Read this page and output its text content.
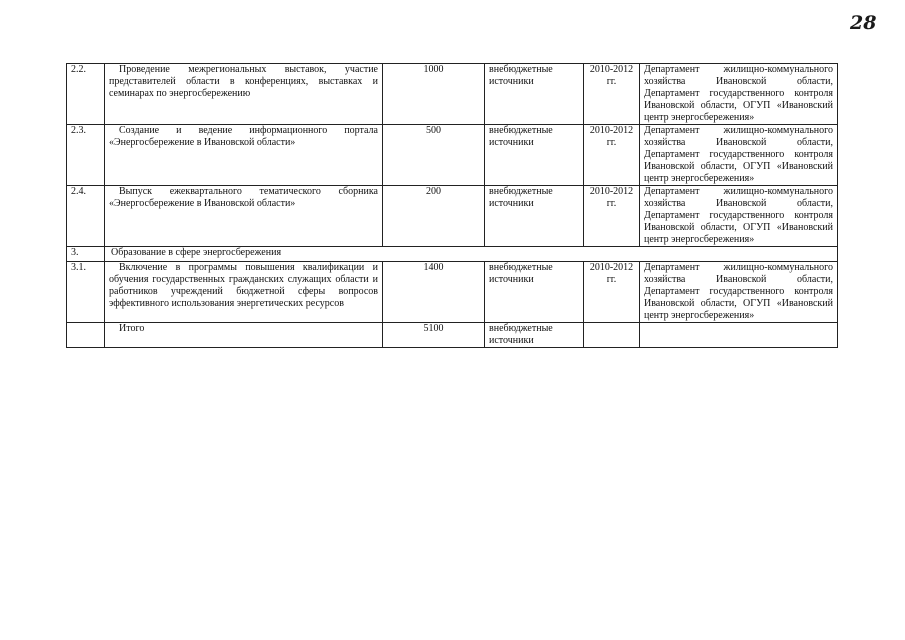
28
2.2.	Проведение межрегиональных выставок, участие представителей области в конференциях, выставках и семинарах по энергосбережению	1000	внебюджетные источники	2010-2012 гг.	Департамент жилищно-коммунального хозяйства Ивановской области, Департамент государственного контроля Ивановской области, ОГУП «Ивановский центр энергосбережения»
2.3.	Создание и ведение информационного портала «Энергосбережение в Ивановской области»	500	внебюджетные источники	2010-2012 гг.	Департамент жилищно-коммунального хозяйства Ивановской области, Департамент государственного контроля Ивановской области, ОГУП «Ивановский центр энергосбережения»
2.4.	Выпуск ежеквартального тематического сборника «Энергосбережение в Ивановской области»	200	внебюджетные источники	2010-2012 гг.	Департамент жилищно-коммунального хозяйства Ивановской области, Департамент государственного контроля Ивановской области, ОГУП «Ивановский центр энергосбережения»
3.	Образование в сфере энергосбережения				
3.1.	Включение в программы повышения квалификации и обучения государственных гражданских служащих области и работников учреждений бюджетной сферы вопросов эффективного использования энергетических ресурсов	1400	внебюджетные источники	2010-2012 гг.	Департамент жилищно-коммунального хозяйства Ивановской области, Департамент государственного контроля Ивановской области, ОГУП «Ивановский центр энергосбережения»
	Итого	5100	внебюджетные источники		
